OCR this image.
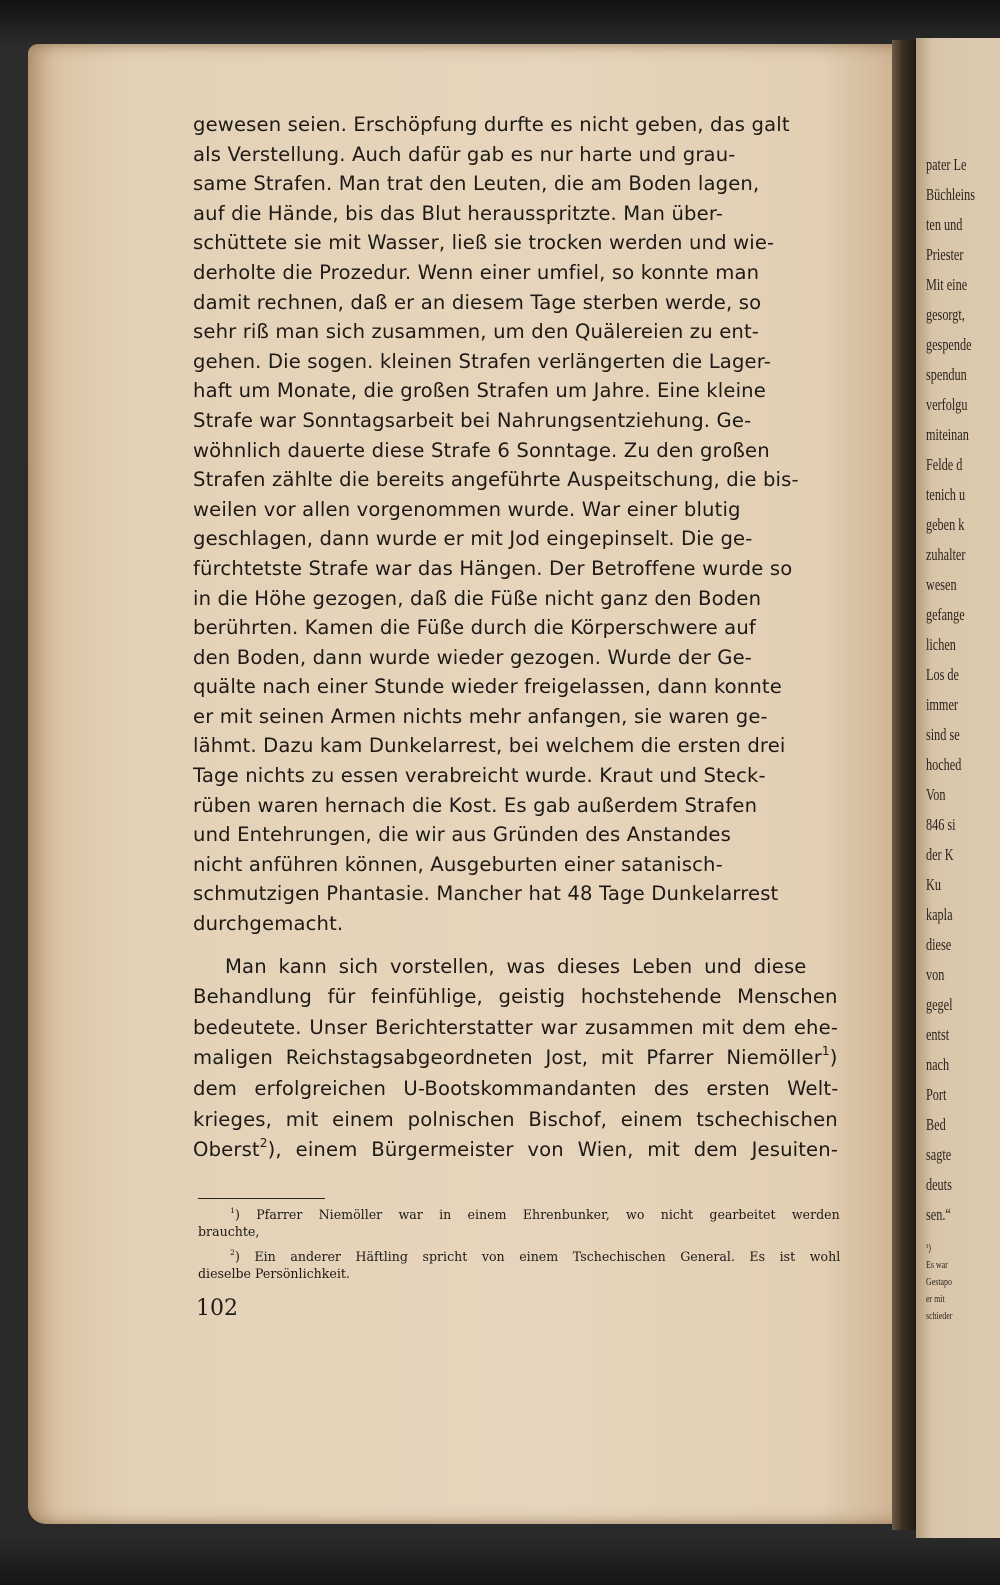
pater Le
Büchleins
ten und
Priester
Mit eine
gesorgt,
gespende
spendun
verfolgu
miteinan
Felde d
tenich u
geben k
zuhalter
wesen
gefange
lichen
Los de
immer
sind se
hoched
Von
846 si
der K
Ku
kapla
diese
von
gegel
entst
nach
Port
Bed
sagte
deuts
sen.“
¹)
Es war
Gestapo
er mit
schieder
gewesen seien. Erschöpfung durfte es nicht geben, das galt
als Verstellung. Auch dafür gab es nur harte und grau-
same Strafen. Man trat den Leuten, die am Boden lagen,
auf die Hände, bis das Blut herausspritzte. Man über-
schüttete sie mit Wasser, ließ sie trocken werden und wie-
derholte die Prozedur. Wenn einer umfiel, so konnte man
damit rechnen, daß er an diesem Tage sterben werde, so
sehr riß man sich zusammen, um den Quälereien zu ent-
gehen. Die sogen. kleinen Strafen verlängerten die Lager-
haft um Monate, die großen Strafen um Jahre. Eine kleine
Strafe war Sonntagsarbeit bei Nahrungsentziehung. Ge-
wöhnlich dauerte diese Strafe 6 Sonntage. Zu den großen
Strafen zählte die bereits angeführte Auspeitschung, die bis-
weilen vor allen vorgenommen wurde. War einer blutig
geschlagen, dann wurde er mit Jod eingepinselt. Die ge-
fürchtetste Strafe war das Hängen. Der Betroffene wurde so
in die Höhe gezogen, daß die Füße nicht ganz den Boden
berührten. Kamen die Füße durch die Körperschwere auf
den Boden, dann wurde wieder gezogen. Wurde der Ge-
quälte nach einer Stunde wieder freigelassen, dann konnte
er mit seinen Armen nichts mehr anfangen, sie waren ge-
lähmt. Dazu kam Dunkelarrest, bei welchem die ersten drei
Tage nichts zu essen verabreicht wurde. Kraut und Steck-
rüben waren hernach die Kost. Es gab außerdem Strafen
und Entehrungen, die wir aus Gründen des Anstandes
nicht anführen können, Ausgeburten einer satanisch-
schmutzigen Phantasie. Mancher hat 48 Tage Dunkelarrest
durchgemacht.
Man kann sich vorstellen, was dieses Leben und diese
Behandlung für feinfühlige, geistig hochstehende Menschen
bedeutete. Unser Berichterstatter war zusammen mit dem ehe-
maligen Reichstagsabgeordneten Jost, mit Pfarrer Niemöller$^1$)
dem erfolgreichen U-Bootskommandanten des ersten Welt-
krieges, mit einem polnischen Bischof, einem tschechischen
Oberst$^2$), einem Bürgermeister von Wien, mit dem Jesuiten-
$^1$) Pfarrer Niemöller war in einem Ehrenbunker, wo nicht gearbeitet werden
brauchte,
$^2$) Ein anderer Häftling spricht von einem Tschechischen General. Es ist wohl
dieselbe Persönlichkeit.
102
